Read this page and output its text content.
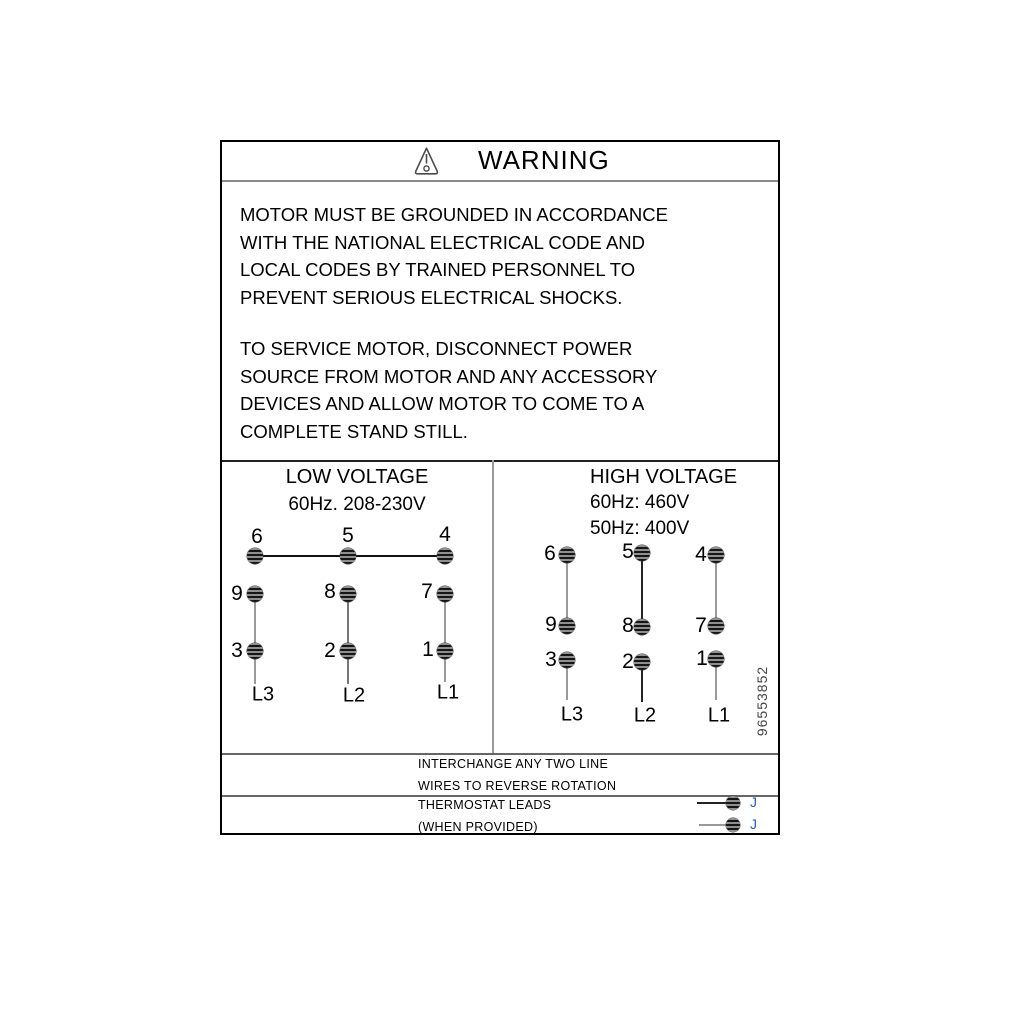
WARNING
MOTOR MUST BE GROUNDED IN ACCORDANCE
WITH THE NATIONAL ELECTRICAL CODE AND
LOCAL CODES BY TRAINED PERSONNEL TO
PREVENT SERIOUS ELECTRICAL SHOCKS.
TO SERVICE MOTOR, DISCONNECT POWER
SOURCE FROM MOTOR AND ANY ACCESSORY
DEVICES AND ALLOW MOTOR TO COME TO A
COMPLETE STAND STILL.
LOW VOLTAGE
60Hz. 208-230V
6	5	4
9	8	7
3	2	1
L3	L2	L1
HIGH VOLTAGE
60Hz: 460V
50Hz: 400V
6	5	4
9	8	7
3	2	1
L3	L2	L1 96553852
INTERCHANGE ANY TWO LINE
WIRES TO REVERSE ROTATION
THERMOSTAT LEADS
(WHEN PROVIDED)
J
J
